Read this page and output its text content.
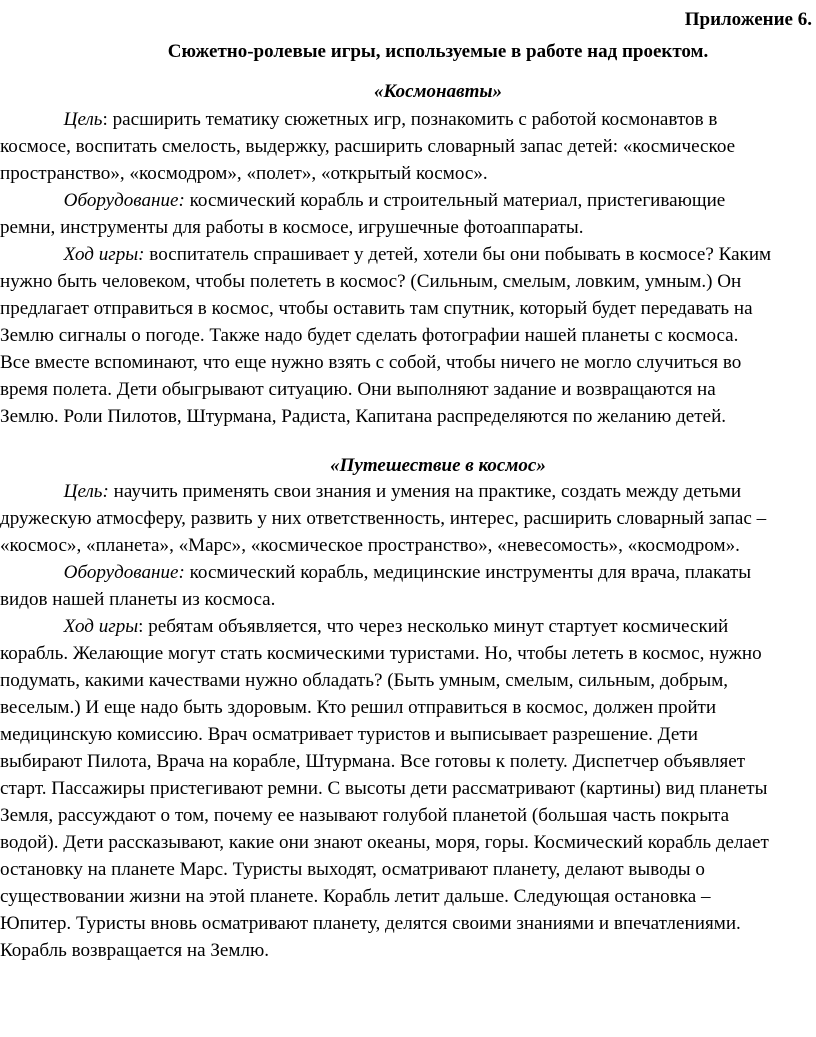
Приложение 6.
Сюжетно-ролевые игры, используемые в работе над проектом.
«Космонавты»
Цель: расширить тематику сюжетных игр, познакомить с работой космонавтов в
космосе, воспитать смелость, выдержку, расширить словарный запас детей: «космическое
пространство», «космодром», «полет», «открытый космос».
Оборудование: космический корабль и строительный материал, пристегивающие
ремни, инструменты для работы в космосе, игрушечные фотоаппараты.
Ход игры: воспитатель спрашивает у детей, хотели бы они побывать в космосе? Каким
нужно быть человеком, чтобы полететь в космос? (Сильным, смелым, ловким, умным.) Он
предлагает отправиться в космос, чтобы оставить там спутник, который будет передавать на
Землю сигналы о погоде. Также надо будет сделать фотографии нашей планеты с космоса.
Все вместе вспоминают, что еще нужно взять с собой, чтобы ничего не могло случиться во
время полета. Дети обыгрывают ситуацию. Они выполняют задание и возвращаются на
Землю. Роли Пилотов, Штурмана, Радиста, Капитана распределяются по желанию детей.
«Путешествие в космос»
Цель: научить применять свои знания и умения на практике, создать между детьми
дружескую атмосферу, развить у них ответственность, интерес, расширить словарный запас –
«космос», «планета», «Марс», «космическое пространство», «невесомость», «космодром».
Оборудование: космический корабль, медицинские инструменты для врача, плакаты
видов нашей планеты из космоса.
Ход игры: ребятам объявляется, что через несколько минут стартует космический
корабль. Желающие могут стать космическими туристами. Но, чтобы лететь в космос, нужно
подумать, какими качествами нужно обладать? (Быть умным, смелым, сильным, добрым,
веселым.) И еще надо быть здоровым. Кто решил отправиться в космос, должен пройти
медицинскую комиссию. Врач осматривает туристов и выписывает разрешение. Дети
выбирают Пилота, Врача на корабле, Штурмана. Все готовы к полету. Диспетчер объявляет
старт. Пассажиры пристегивают ремни. С высоты дети рассматривают (картины) вид планеты
Земля, рассуждают о том, почему ее называют голубой планетой (большая часть покрыта
водой). Дети рассказывают, какие они знают океаны, моря, горы. Космический корабль делает
остановку на планете Марс. Туристы выходят, осматривают планету, делают выводы о
существовании жизни на этой планете. Корабль летит дальше. Следующая остановка –
Юпитер. Туристы вновь осматривают планету, делятся своими знаниями и впечатлениями.
Корабль возвращается на Землю.
